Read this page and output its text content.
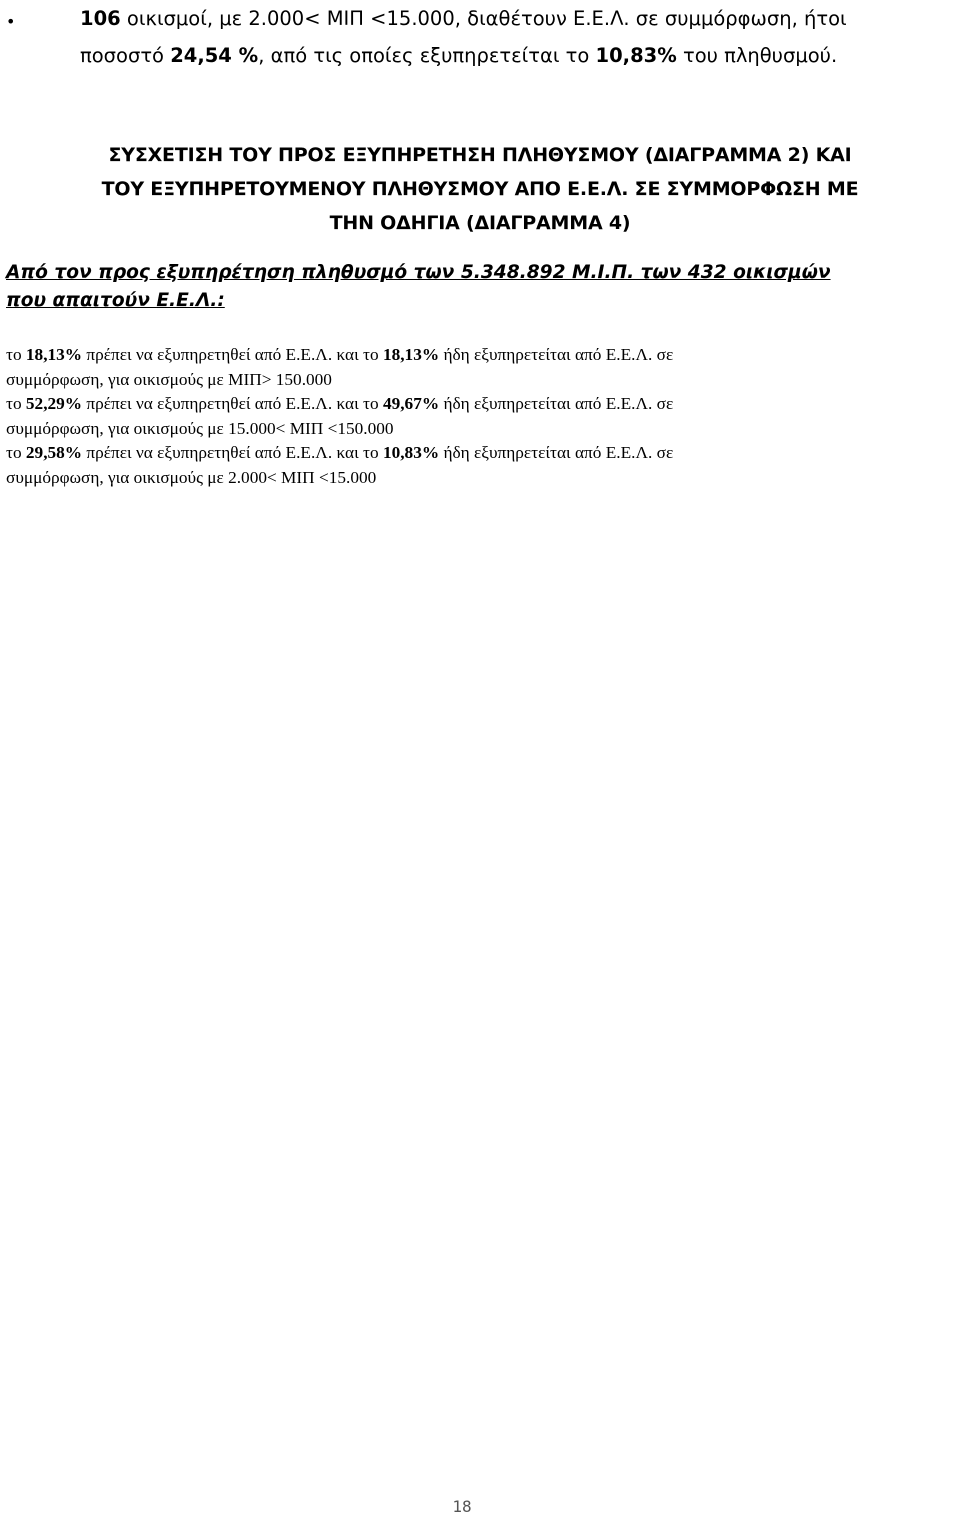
•	106 οικισμοί, με 2.000< ΜΙΠ <15.000, διαθέτουν Ε.Ε.Λ. σε συμμόρφωση, ήτοι
ποσοστό 24,54 %, από τις οποίες εξυπηρετείται το 10,83% του πληθυσμού.
ΣΥΣΧΕΤΙΣΗ ΤΟΥ ΠΡΟΣ ΕΞΥΠΗΡΕΤΗΣΗ ΠΛΗΘΥΣΜΟΥ (ΔΙΑΓΡΑΜΜΑ 2) ΚΑΙ
ΤΟΥ ΕΞΥΠΗΡΕΤΟΥΜΕΝΟΥ ΠΛΗΘΥΣΜΟΥ ΑΠΟ Ε.Ε.Λ. ΣΕ ΣΥΜΜΟΡΦΩΣΗ ΜΕ
ΤΗΝ ΟΔΗΓΙΑ (ΔΙΑΓΡΑΜΜΑ 4)
Από τον προς εξυπηρέτηση πληθυσμό των 5.348.892 Μ.Ι.Π. των 432 οικισμών
που απαιτούν Ε.Ε.Λ.:
το 18,13% πρέπει να εξυπηρετηθεί από Ε.Ε.Λ. και το 18,13% ήδη εξυπηρετείται από Ε.Ε.Λ. σε
συμμόρφωση, για οικισμούς με ΜΙΠ> 150.000
το 52,29% πρέπει να εξυπηρετηθεί από Ε.Ε.Λ. και το 49,67% ήδη εξυπηρετείται από Ε.Ε.Λ. σε
συμμόρφωση, για οικισμούς με 15.000< ΜΙΠ <150.000
το 29,58% πρέπει να εξυπηρετηθεί από Ε.Ε.Λ. και το 10,83% ήδη εξυπηρετείται από Ε.Ε.Λ. σε
συμμόρφωση, για οικισμούς με 2.000< ΜΙΠ <15.000
18
